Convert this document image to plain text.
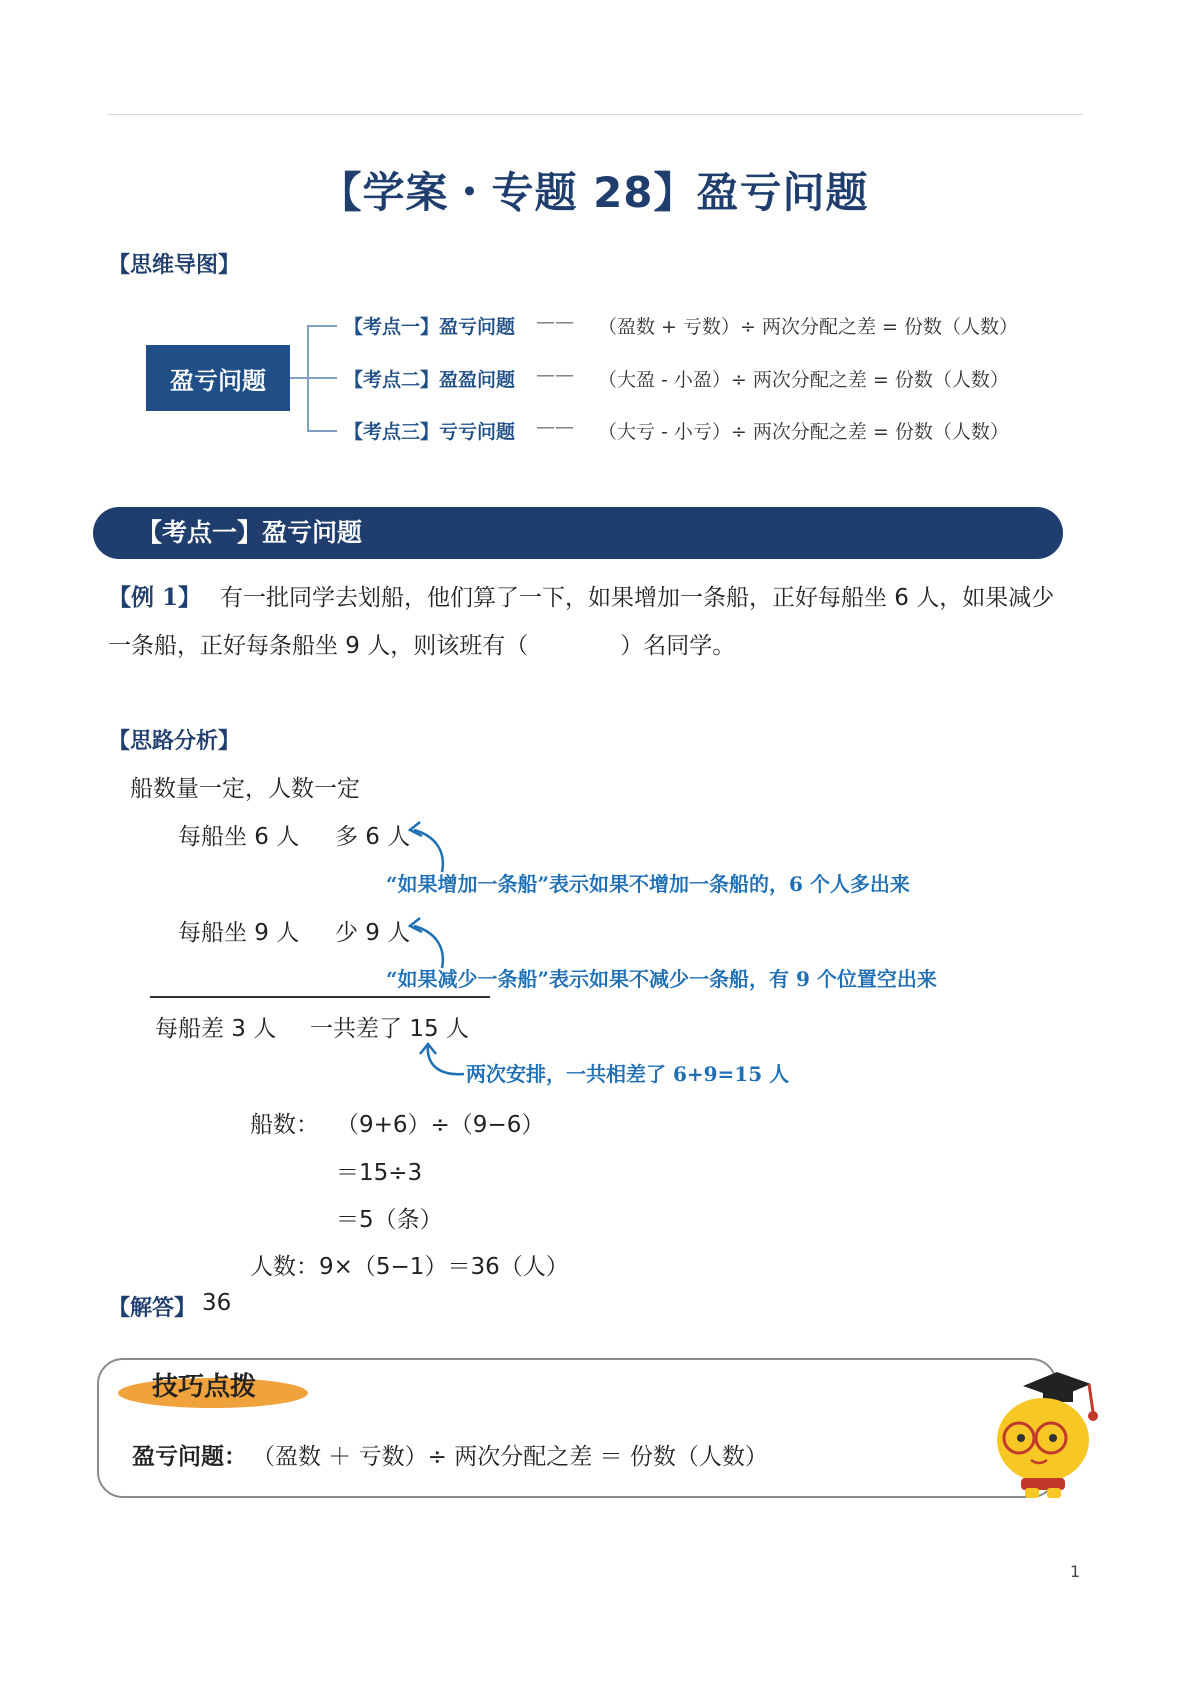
【学案・专题 28】盈亏问题
【思维导图】
盈亏问题
【考点一】盈亏问题 —— （盈数 + 亏数）÷ 两次分配之差 = 份数（人数）
【考点二】盈盈问题 —— （大盈 - 小盈）÷ 两次分配之差 = 份数（人数）
【考点三】亏亏问题 —— （大亏 - 小亏）÷ 两次分配之差 = 份数（人数）
【考点一】盈亏问题
【例 1】 有一批同学去划船，他们算了一下，如果增加一条船，正好每船坐 6 人，如果减少
一条船，正好每条船坐 9 人，则该班有（　　　　）名同学。
【思路分析】
船数量一定，人数一定
每船坐 6 人 多 6 人
“如果增加一条船”表示如果不增加一条船的，6 个人多出来
每船坐 9 人 少 9 人
“如果减少一条船”表示如果不减少一条船，有 9 个位置空出来
每船差 3 人 一共差了 15 人
两次安排，一共相差了 6+9=15 人
船数： （9+6）÷（9−6）
＝15÷3
＝5（条）
人数：9×（5−1）＝36（人）
【解答】 36
技巧点拨
盈亏问题： （盈数 ＋ 亏数）÷ 两次分配之差 ＝ 份数（人数）
1
